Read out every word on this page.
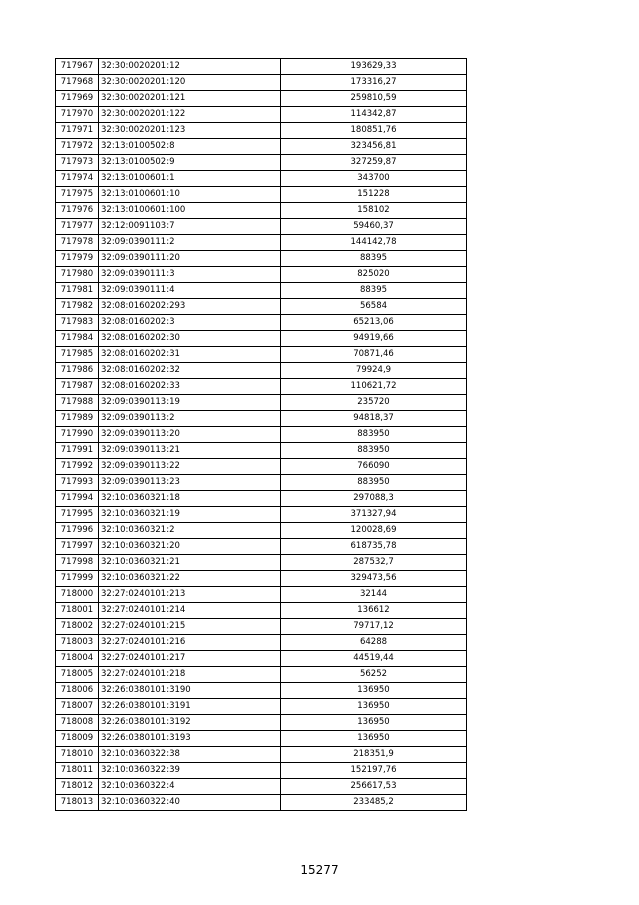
717967	32:30:0020201:12	193629,33
717968	32:30:0020201:120	173316,27
717969	32:30:0020201:121	259810,59
717970	32:30:0020201:122	114342,87
717971	32:30:0020201:123	180851,76
717972	32:13:0100502:8	323456,81
717973	32:13:0100502:9	327259,87
717974	32:13:0100601:1	343700
717975	32:13:0100601:10	151228
717976	32:13:0100601:100	158102
717977	32:12:0091103:7	59460,37
717978	32:09:0390111:2	144142,78
717979	32:09:0390111:20	88395
717980	32:09:0390111:3	825020
717981	32:09:0390111:4	88395
717982	32:08:0160202:293	56584
717983	32:08:0160202:3	65213,06
717984	32:08:0160202:30	94919,66
717985	32:08:0160202:31	70871,46
717986	32:08:0160202:32	79924,9
717987	32:08:0160202:33	110621,72
717988	32:09:0390113:19	235720
717989	32:09:0390113:2	94818,37
717990	32:09:0390113:20	883950
717991	32:09:0390113:21	883950
717992	32:09:0390113:22	766090
717993	32:09:0390113:23	883950
717994	32:10:0360321:18	297088,3
717995	32:10:0360321:19	371327,94
717996	32:10:0360321:2	120028,69
717997	32:10:0360321:20	618735,78
717998	32:10:0360321:21	287532,7
717999	32:10:0360321:22	329473,56
718000	32:27:0240101:213	32144
718001	32:27:0240101:214	136612
718002	32:27:0240101:215	79717,12
718003	32:27:0240101:216	64288
718004	32:27:0240101:217	44519,44
718005	32:27:0240101:218	56252
718006	32:26:0380101:3190	136950
718007	32:26:0380101:3191	136950
718008	32:26:0380101:3192	136950
718009	32:26:0380101:3193	136950
718010	32:10:0360322:38	218351,9
718011	32:10:0360322:39	152197,76
718012	32:10:0360322:4	256617,53
718013	32:10:0360322:40	233485,2
15277
